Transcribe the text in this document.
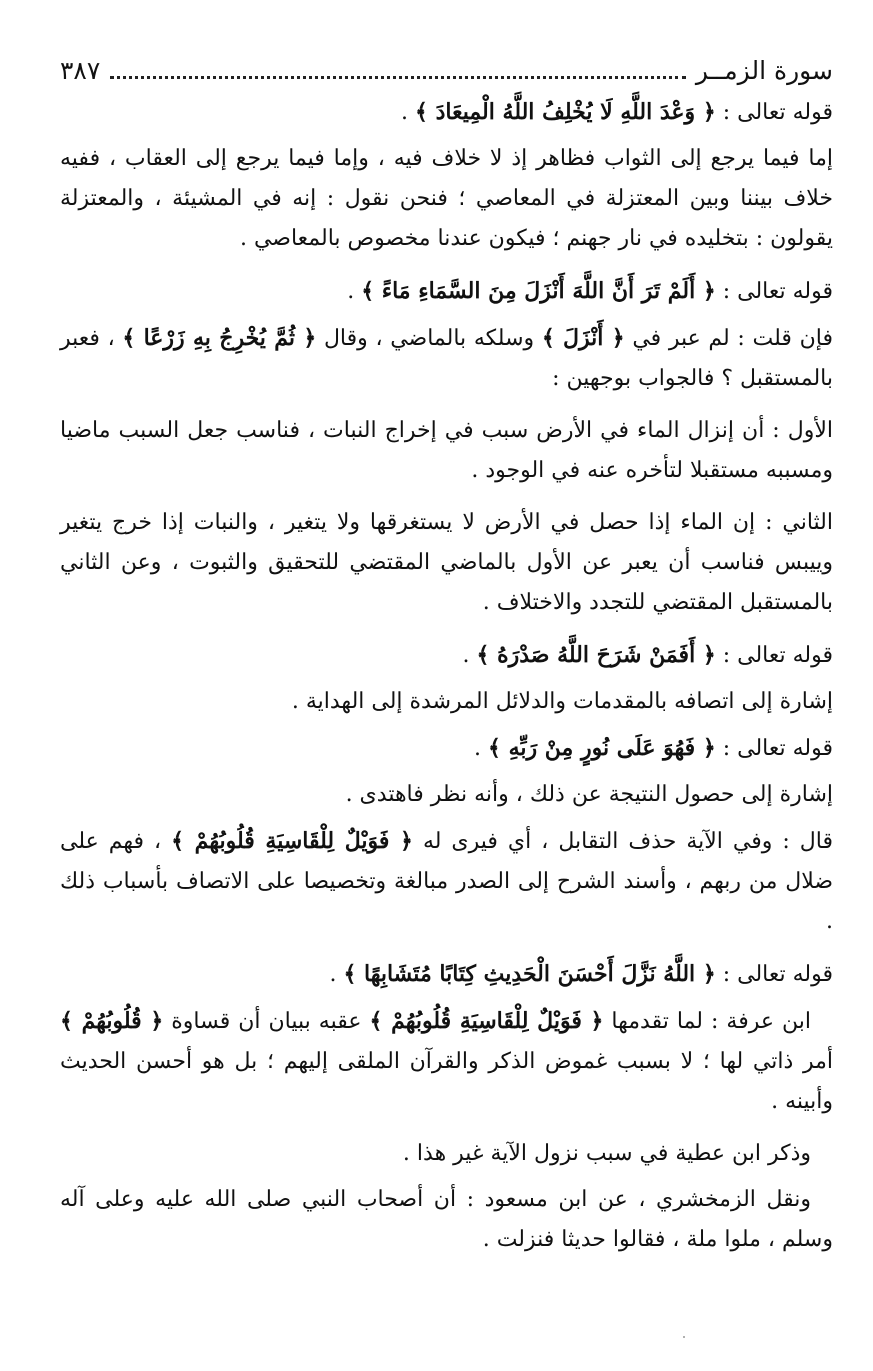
سورة الزمــر
٣٨٧

قوله تعالى : ﴿ وَعْدَ اللَّهِ لَا يُخْلِفُ اللَّهُ الْمِيعَادَ ﴾ .

إما فيما يرجع إلى الثواب فظاهر إذ لا خلاف فيه ، وإما فيما يرجع إلى العقاب ، ففيه خلاف بيننا وبين المعتزلة في المعاصي ؛ فنحن نقول : إنه في المشيئة ، والمعتزلة يقولون : بتخليده في نار جهنم ؛ فيكون عندنا مخصوص بالمعاصي .

قوله تعالى : ﴿ أَلَمْ تَرَ أَنَّ اللَّهَ أَنْزَلَ مِنَ السَّمَاءِ مَاءً ﴾ .

فإن قلت : لم عبر في ﴿ أَنْزَلَ ﴾ وسلكه بالماضي ، وقال ﴿ ثُمَّ يُخْرِجُ بِهِ زَرْعًا ﴾ ، فعبر بالمستقبل ؟ فالجواب بوجهين :

الأول : أن إنزال الماء في الأرض سبب في إخراج النبات ، فناسب جعل السبب ماضيا ومسببه مستقبلا لتأخره عنه في الوجود .

الثاني : إن الماء إذا حصل في الأرض لا يستغرقها ولا يتغير ، والنبات إذا خرج يتغير وييبس فناسب أن يعبر عن الأول بالماضي المقتضي للتحقيق والثبوت ، وعن الثاني بالمستقبل المقتضي للتجدد والاختلاف .

قوله تعالى : ﴿ أَفَمَنْ شَرَحَ اللَّهُ صَدْرَهُ ﴾ .

إشارة إلى اتصافه بالمقدمات والدلائل المرشدة إلى الهداية .

قوله تعالى : ﴿ فَهُوَ عَلَى نُورٍ مِنْ رَبِّهِ ﴾ .

إشارة إلى حصول النتيجة عن ذلك ، وأنه نظر فاهتدى .

قال : وفي الآية حذف التقابل ، أي فيرى له ﴿ فَوَيْلٌ لِلْقَاسِيَةِ قُلُوبُهُمْ ﴾ ، فهم على ضلال من ربهم ، وأسند الشرح إلى الصدر مبالغة وتخصيصا على الاتصاف بأسباب ذلك .

قوله تعالى : ﴿ اللَّهُ نَزَّلَ أَحْسَنَ الْحَدِيثِ كِتَابًا مُتَشَابِهًا ﴾ .

ابن عرفة : لما تقدمها ﴿ فَوَيْلٌ لِلْقَاسِيَةِ قُلُوبُهُمْ ﴾ عقبه ببيان أن قساوة ﴿ قُلُوبُهُمْ ﴾ أمر ذاتي لها ؛ لا بسبب غموض الذكر والقرآن الملقى إليهم ؛ بل هو أحسن الحديث وأبينه .

وذكر ابن عطية في سبب نزول الآية غير هذا .

ونقل الزمخشري ، عن ابن مسعود : أن أصحاب النبي صلى الله عليه وعلى آله وسلم ، ملوا ملة ، فقالوا حديثا فنزلت .
